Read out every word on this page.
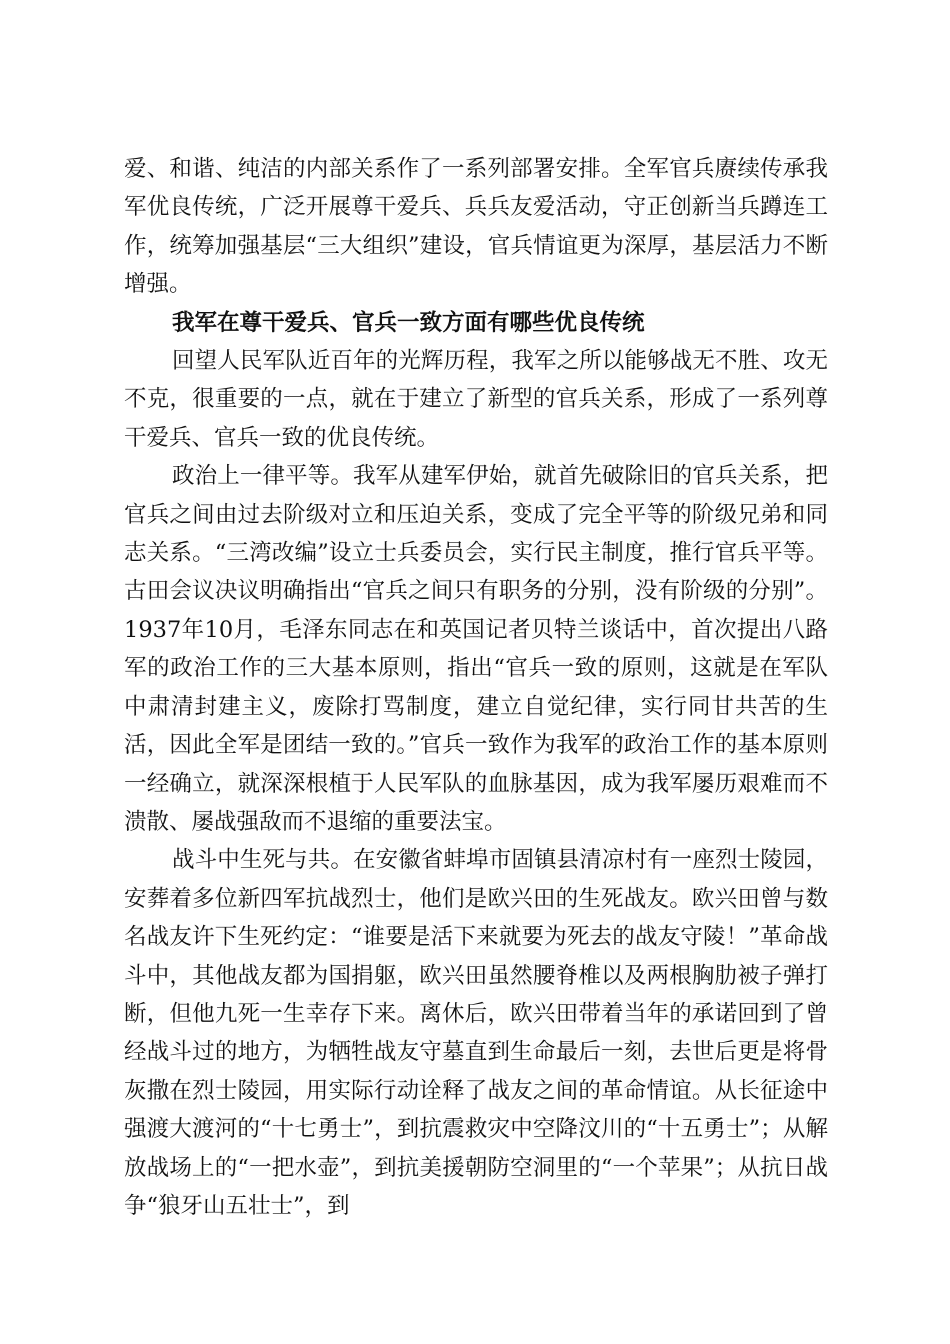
爱、和谐、纯洁的内部关系作了一系列部署安排。全军官兵赓续传承我军优良传统，广泛开展尊干爱兵、兵兵友爱活动，守正创新当兵蹲连工作，统筹加强基层“三大组织”建设，官兵情谊更为深厚，基层活力不断增强。

我军在尊干爱兵、官兵一致方面有哪些优良传统

回望人民军队近百年的光辉历程，我军之所以能够战无不胜、攻无不克，很重要的一点，就在于建立了新型的官兵关系，形成了一系列尊干爱兵、官兵一致的优良传统。

政治上一律平等。我军从建军伊始，就首先破除旧的官兵关系，把官兵之间由过去阶级对立和压迫关系，变成了完全平等的阶级兄弟和同志关系。“三湾改编”设立士兵委员会，实行民主制度，推行官兵平等。古田会议决议明确指出“官兵之间只有职务的分别，没有阶级的分别”。1937年10月，毛泽东同志在和英国记者贝特兰谈话中，首次提出八路军的政治工作的三大基本原则，指出“官兵一致的原则，这就是在军队中肃清封建主义，废除打骂制度，建立自觉纪律，实行同甘共苦的生活，因此全军是团结一致的。”官兵一致作为我军的政治工作的基本原则一经确立，就深深根植于人民军队的血脉基因，成为我军屡历艰难而不溃散、屡战强敌而不退缩的重要法宝。

战斗中生死与共。在安徽省蚌埠市固镇县清凉村有一座烈士陵园，安葬着多位新四军抗战烈士，他们是欧兴田的生死战友。欧兴田曾与数名战友许下生死约定：“谁要是活下来就要为死去的战友守陵！”革命战斗中，其他战友都为国捐躯，欧兴田虽然腰脊椎以及两根胸肋被子弹打断，但他九死一生幸存下来。离休后，欧兴田带着当年的承诺回到了曾经战斗过的地方，为牺牲战友守墓直到生命最后一刻，去世后更是将骨灰撒在烈士陵园，用实际行动诠释了战友之间的革命情谊。从长征途中强渡大渡河的“十七勇士”，到抗震救灾中空降汶川的“十五勇士”；从解放战场上的“一把水壶”，到抗美援朝防空洞里的“一个苹果”；从抗日战争“狼牙山五壮士”，到
